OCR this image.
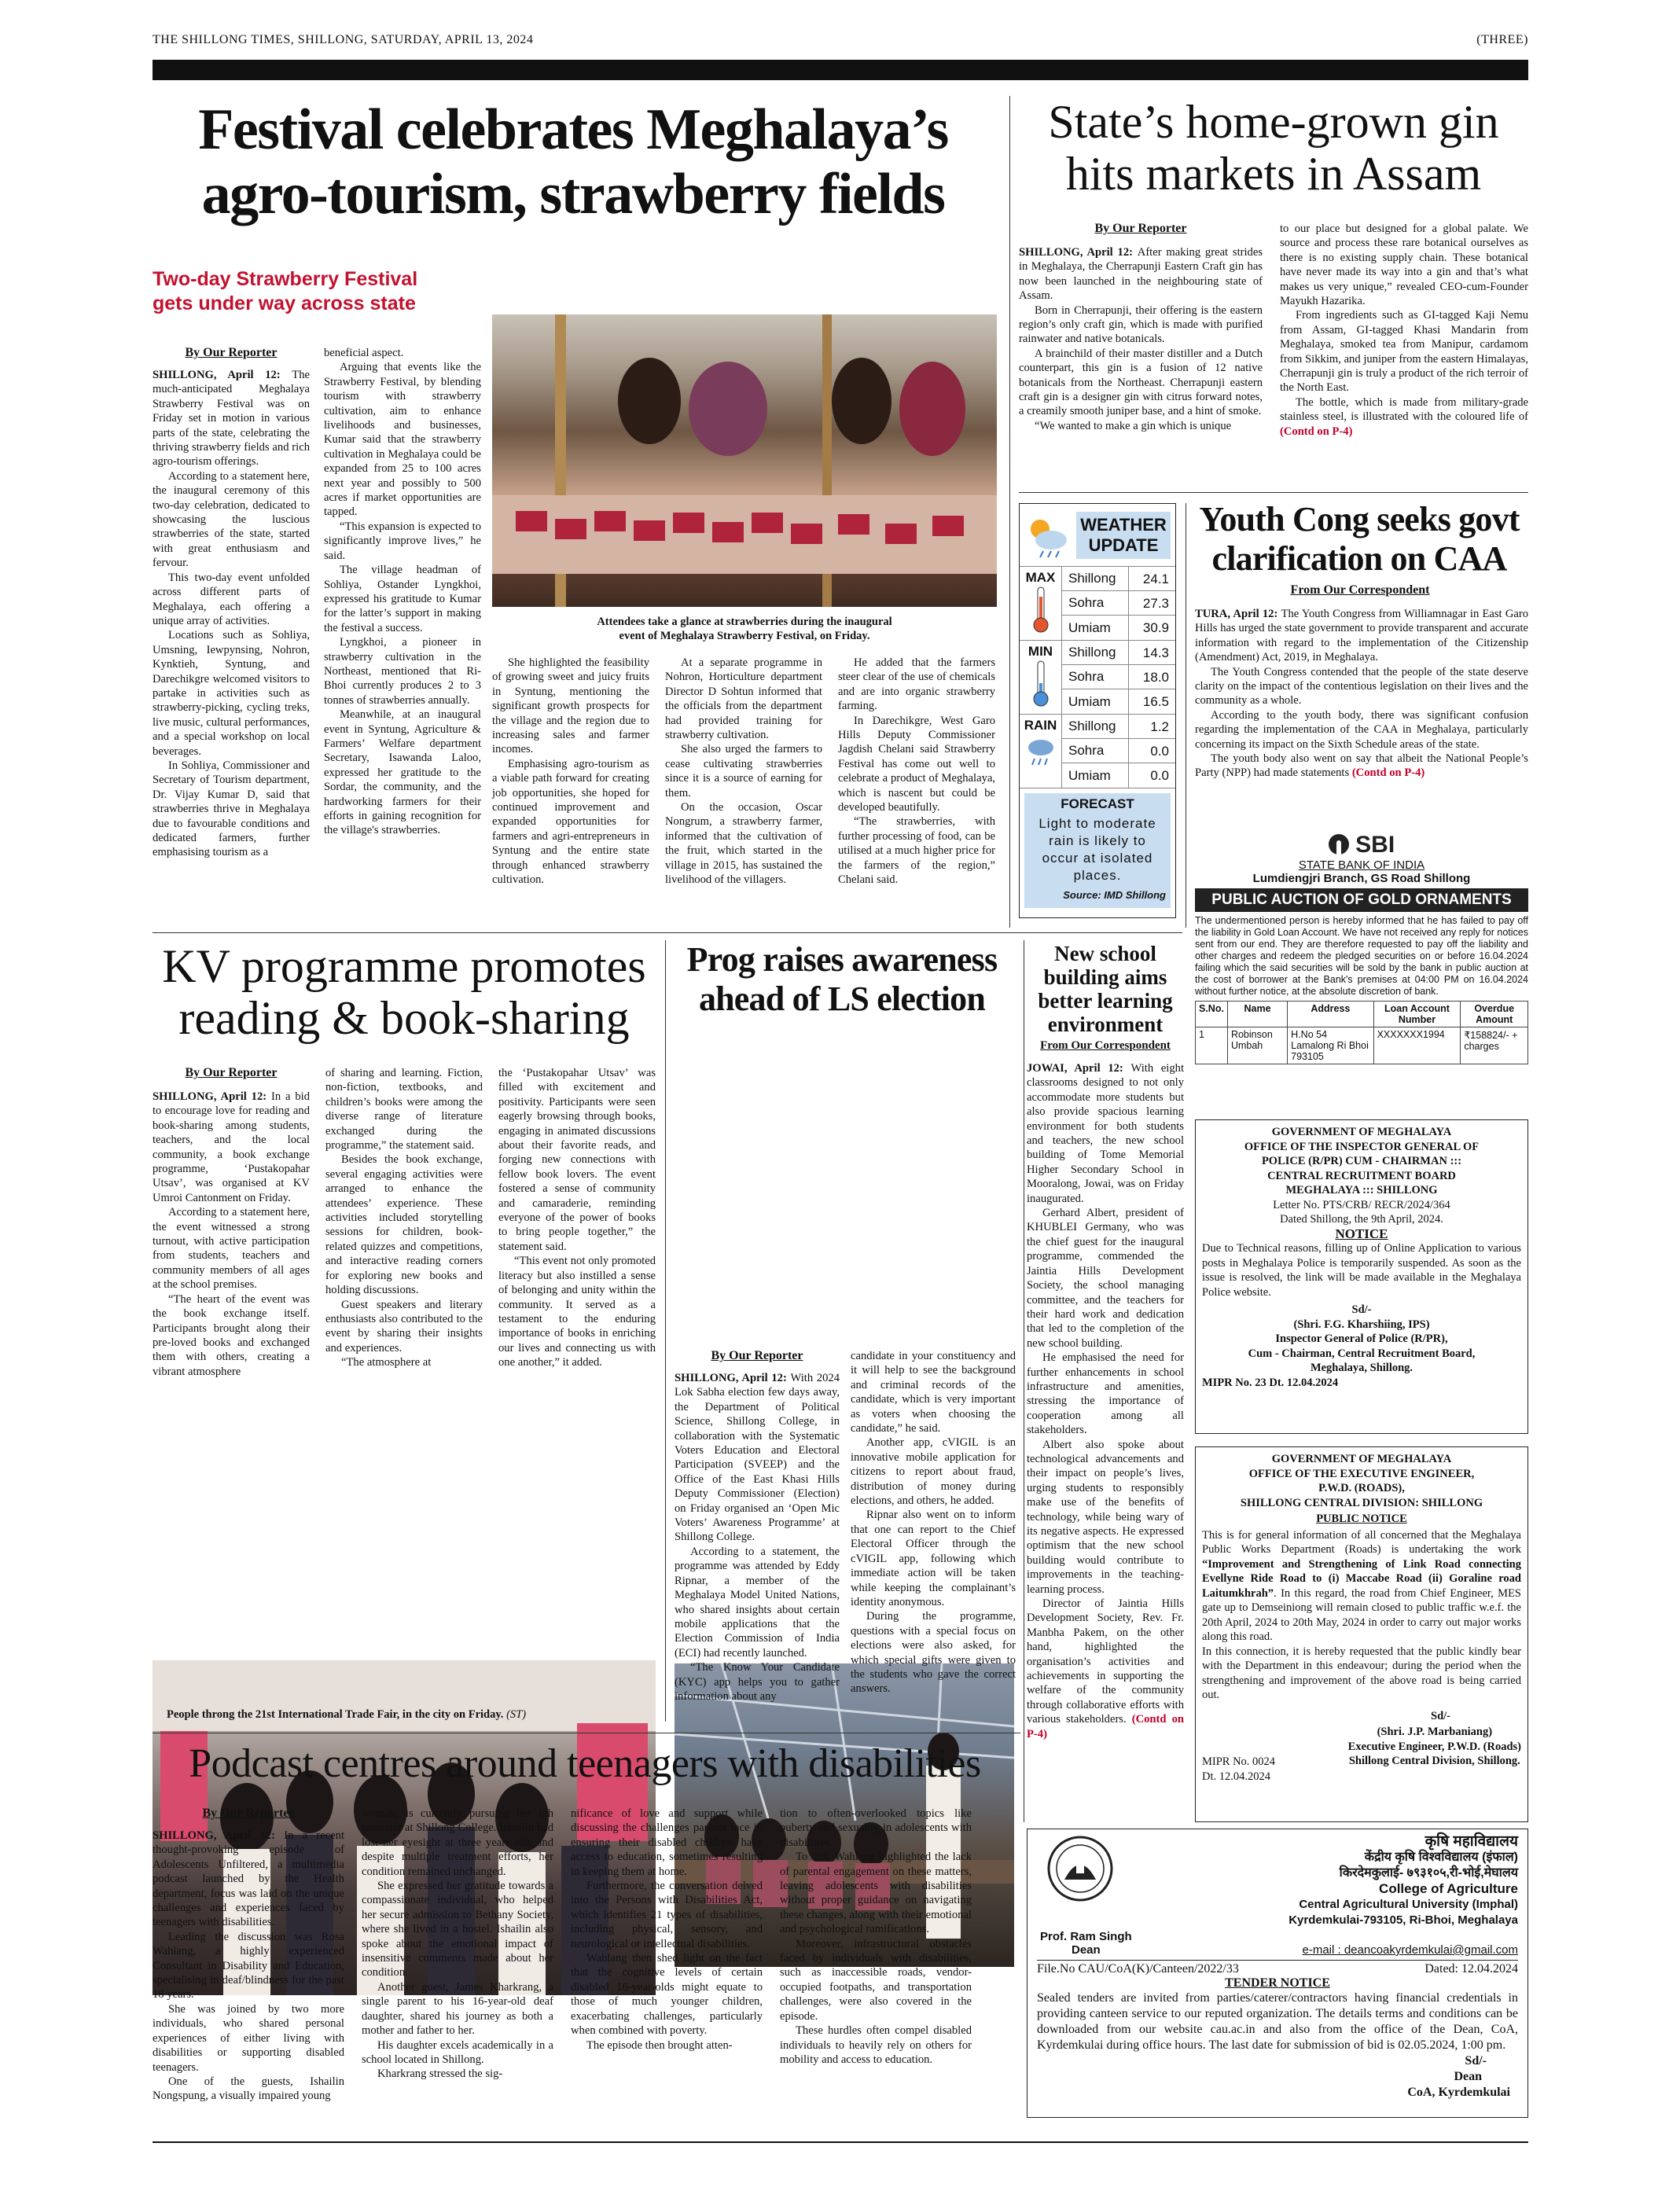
THE SHILLONG TIMES, SHILLONG, SATURDAY, APRIL 13, 2024	(THREE)
Festival celebrates Meghalaya’s
agro-tourism, strawberry fields
Two-day Strawberry Festival
gets under way across state
By Our Reporter

SHILLONG, April 12: The much-anticipated Meghalaya Strawberry Festival was on Friday set in motion in various parts of the state, celebrating the thriving strawberry fields and rich agro-tourism offerings.

According to a statement here, the inaugural ceremony of this two-day celebration, dedicated to showcasing the luscious strawberries of the state, started with great enthusiasm and fervour.

This two-day event unfolded across different parts of Meghalaya, each offering a unique array of activities.

Locations such as Sohliya, Umsning, Iewpynsing, Nohron, Kynktieh, Syntung, and Darechikgre welcomed visitors to partake in activities such as strawberry-picking, cycling treks, live music, cultural performances, and a special workshop on local beverages.

In Sohliya, Commissioner and Secretary of Tourism department, Dr. Vijay Kumar D, said that strawberries thrive in Meghalaya due to favourable conditions and dedicated farmers, further emphasising tourism as a

beneficial aspect.

Arguing that events like the Strawberry Festival, by blending tourism with strawberry cultivation, aim to enhance livelihoods and businesses, Kumar said that the strawberry cultivation in Meghalaya could be expanded from 25 to 100 acres next year and possibly to 500 acres if market opportunities are tapped.

“This expansion is expected to significantly improve lives,” he said.

The village headman of Sohliya, Ostander Lyngkhoi, expressed his gratitude to Kumar for the latter’s support in making the festival a success.

Lyngkhoi, a pioneer in strawberry cultivation in the Northeast, mentioned that Ri-Bhoi currently produces 2 to 3 tonnes of strawberries annually.

Meanwhile, at an inaugural event in Syntung, Agriculture & Farmers’ Welfare department Secretary, Isawanda Laloo, expressed her gratitude to the Sordar, the community, and the hardworking farmers for their efforts in gaining recognition for the village's strawberries.

Attendees take a glance at strawberries during the inaugural
event of Meghalaya Strawberry Festival, on Friday.

She highlighted the feasibility of growing sweet and juicy fruits in Syntung, mentioning the significant growth prospects for the village and the region due to increasing sales and farmer incomes.

Emphasising agro-tourism as a viable path forward for creating job opportunities, she hoped for continued improvement and expanded opportunities for farmers and agri-entrepreneurs in Syntung and the entire state through enhanced strawberry cultivation.

At a separate programme in Nohron, Horticulture department Director D Sohtun informed that the officials from the department had provided training for strawberry cultivation.

She also urged the farmers to cease cultivating strawberries since it is a source of earning for them.

On the occasion, Oscar Nongrum, a strawberry farmer, informed that the cultivation of the fruit, which started in the village in 2015, has sustained the livelihood of the villagers.

He added that the farmers steer clear of the use of chemicals and are into organic strawberry farming.

In Darechikgre, West Garo Hills Deputy Commissioner Jagdish Chelani said Strawberry Festival has come out well to celebrate a product of Meghalaya, which is nascent but could be developed beautifully.

“The strawberries, with further processing of food, can be utilised at a much higher price for the farmers of the region,” Chelani said.

State’s home-grown gin
hits markets in Assam
By Our Reporter

SHILLONG, April 12: After making great strides in Meghalaya, the Cherrapunji Eastern Craft gin has now been launched in the neighbouring state of Assam.

Born in Cherrapunji, their offering is the eastern region’s only craft gin, which is made with purified rainwater and native botanicals.

A brainchild of their master distiller and a Dutch counterpart, this gin is a fusion of 12 native botanicals from the Northeast. Cherrapunji eastern craft gin is a designer gin with citrus forward notes, a creamily smooth juniper base, and a hint of smoke.

“We wanted to make a gin which is unique

to our place but designed for a global palate. We source and process these rare botanical ourselves as there is no existing supply chain. These botanical have never made its way into a gin and that’s what makes us very unique,” revealed CEO-cum-Founder Mayukh Hazarika.

From ingredients such as GI-tagged Kaji Nemu from Assam, GI-tagged Khasi Mandarin from Meghalaya, smoked tea from Manipur, cardamom from Sikkim, and juniper from the eastern Himalayas, Cherrapunji gin is truly a product of the rich terroir of the North East.

The bottle, which is made from military-grade stainless steel, is illustrated with the coloured life of (Contd on P-4)

WEATHER
UPDATE
MAX Shillong	24.1
Sohra	27.3
Umiam	30.9
MIN	Shillong	14.3
Sohra	18.0
Umiam	16.5
RAIN Shillong	1.2
Sohra	0.0
Umiam	0.0
FORECAST
Light to moderate rain is likely to occur at isolated places.
Source: IMD Shillong
Youth Cong seeks govt
clarification on CAA
From Our Correspondent

TURA, April 12: The Youth Congress from Williamnagar in East Garo Hills has urged the state government to provide transparent and accurate information with regard to the implementation of the Citizenship (Amendment) Act, 2019, in Meghalaya.

The Youth Congress contended that the people of the state deserve clarity on the impact of the contentious legislation on their lives and the community as a whole.

According to the youth body, there was significant confusion regarding the implementation of the CAA in Meghalaya, particularly concerning its impact on the Sixth Schedule areas of the state.

The youth body also went on say that albeit the National People’s Party (NPP) had made statements (Contd on P-4)

SBI
STATE BANK OF INDIA
Lumdiengjri Branch, GS Road Shillong
PUBLIC AUCTION OF GOLD ORNAMENTS
The undermentioned person is hereby informed that he has failed to pay off the liability in Gold Loan Account. We have not received any reply for notices sent from our end. They are therefore requested to pay off the liability and other charges and redeem the pledged securities on or before 16.04.2024 failing which the said securities will be sold by the bank in public auction at the cost of borrower at the Bank's premises at 04:00 PM on 16.04.2024 without further notice, at the absolute discretion of bank.
S.No.	Name	Address	Loan Account Number	Overdue Amount
1	Robinson Umbah	H.No 54 Lamalong Ri Bhoi 793105	XXXXXXX1994	₹158824/- + charges
KV programme promotes
reading & book-sharing
By Our Reporter

SHILLONG, April 12: In a bid to encourage love for reading and book-sharing among students, teachers, and the local community, a book exchange programme, ‘Pustakopahar Utsav’, was organised at KV Umroi Cantonment on Friday.

According to a statement here, the event witnessed a strong turnout, with active participation from students, teachers and community members of all ages at the school premises.

“The heart of the event was the book exchange itself. Participants brought along their pre-loved books and exchanged them with others, creating a vibrant atmosphere

of sharing and learning. Fiction, non-fiction, textbooks, and children’s books were among the diverse range of literature exchanged during the programme,” the statement said.

Besides the book exchange, several engaging activities were arranged to enhance the attendees’ experience. These activities included storytelling sessions for children, book-related quizzes and competitions, and interactive reading corners for exploring new books and holding discussions.

Guest speakers and literary enthusiasts also contributed to the event by sharing their insights and experiences.

“The atmosphere at

the ‘Pustakopahar Utsav’ was filled with excitement and positivity. Participants were seen eagerly browsing through books, engaging in animated discussions about their favorite reads, and forging new connections with fellow book lovers. The event fostered a sense of community and camaraderie, reminding everyone of the power of books to bring people together,” the statement said.

“This event not only promoted literacy but also instilled a sense of belonging and unity within the community. It served as a testament to the enduring importance of books in enriching our lives and connecting us with one another,” it added.

People throng the 21st International Trade Fair, in the city on Friday. (ST)
Prog raises awareness
ahead of LS election
By Our Reporter

SHILLONG, April 12: With 2024 Lok Sabha election few days away, the Department of Political Science, Shillong College, in collaboration with the Systematic Voters Education and Electoral Participation (SVEEP) and the Office of the East Khasi Hills Deputy Commissioner (Election) on Friday organised an ‘Open Mic Voters’ Awareness Programme’ at Shillong College.

According to a statement, the programme was attended by Eddy Ripnar, a member of the Meghalaya Model United Nations, who shared insights about certain mobile applications that the Election Commission of India (ECI) had recently launched.

“The Know Your Candidate (KYC) app helps you to gather information about any

candidate in your constituency and it will help to see the background and criminal records of the candidate, which is very important as voters when choosing the candidate,” he said.

Another app, cVIGIL is an innovative mobile application for citizens to report about fraud, distribution of money during elections, and others, he added.

Ripnar also went on to inform that one can report to the Chief Electoral Officer through the cVIGIL app, following which immediate action will be taken while keeping the complainant’s identity anonymous.

During the programme, questions with a special focus on elections were also asked, for which special gifts were given to the students who gave the correct answers.

New school
building aims
better learning
environment
From Our Correspondent

JOWAI, April 12: With eight classrooms designed to not only accommodate more students but also provide spacious learning environment for both students and teachers, the new school building of Tome Memorial Higher Secondary School in Mooralong, Jowai, was on Friday inaugurated.

Gerhard Albert, president of KHUBLEI Germany, who was the chief guest for the inaugural programme, commended the Jaintia Hills Development Society, the school managing committee, and the teachers for their hard work and dedication that led to the completion of the new school building.

He emphasised the need for further enhancements in school infrastructure and amenities, stressing the importance of cooperation among all stakeholders.

Albert also spoke about technological advancements and their impact on people’s lives, urging students to responsibly make use of the benefits of technology, while being wary of its negative aspects. He expressed optimism that the new school building would contribute to improvements in the teaching-learning process.

Director of Jaintia Hills Development Society, Rev. Fr. Manbha Pakem, on the other hand, highlighted the organisation’s activities and achievements in supporting the welfare of the community through collaborative efforts with various stakeholders. (Contd on P-4)

GOVERNMENT OF MEGHALAYA
OFFICE OF THE INSPECTOR GENERAL OF
POLICE (R/PR) CUM - CHAIRMAN :::
CENTRAL RECRUITMENT BOARD
MEGHALAYA ::: SHILLONG
Letter No. PTS/CRB/ RECR/2024/364
Dated Shillong, the 9th April, 2024.
NOTICE
Due to Technical reasons, filling up of Online Application to various posts in Meghalaya Police is temporarily suspended. As soon as the issue is resolved, the link will be made available in the Meghalaya Police website.
Sd/-
(Shri. F.G. Kharshiing, IPS)
Inspector General of Police (R/PR),
Cum - Chairman, Central Recruitment Board,
Meghalaya, Shillong.
MIPR No. 23 Dt. 12.04.2024
GOVERNMENT OF MEGHALAYA
OFFICE OF THE EXECUTIVE ENGINEER,
P.W.D. (ROADS),
SHILLONG CENTRAL DIVISION: SHILLONG
PUBLIC NOTICE
This is for general information of all concerned that the Meghalaya Public Works Department (Roads) is undertaking the work “Improvement and Strengthening of Link Road connecting Evellyne Ride Road to (i) Maccabe Road (ii) Goraline road Laitumkhrah”. In this regard, the road from Chief Engineer, MES gate up to Demseiniong will remain closed to public traffic w.e.f. the 20th April, 2024 to 20th May, 2024 in order to carry out major works along this road.
In this connection, it is hereby requested that the public kindly bear with the Department in this endeavour; during the period when the strengthening and improvement of the above road is being carried out.
Sd/-
MIPR No. 0024
Dt. 12.04.2024
(Shri. J.P. Marbaniang)
Executive Engineer, P.W.D. (Roads)
Shillong Central Division, Shillong.
Podcast centres around teenagers with disabilities
By Our Reporter

SHILLONG, April 12: In a recent thought-provoking episode of Adolescents Unfiltered, a multimedia podcast launched by the Health department, focus was laid on the unique challenges and experiences faced by teenagers with disabilities.

Leading the discussion was Rosa Wahlang, a highly experienced Consultant in Disability and Education, specialising in deaf/blindness for the past 18 years.

She was joined by two more individuals, who shared personal experiences of either living with disabilities or supporting disabled teenagers.

One of the guests, Ishailin Nongspung, a visually impaired young

woman, is currently pursuing her 6th semester at Shillong College. Ishailin had lost her eyesight at three years old, and despite multiple treatment efforts, her condition remained unchanged.

She expressed her gratitude towards a compassionate individual, who helped her secure admission to Bethany Society, where she lived in a hostel. Ishailin also spoke about the emotional impact of insensitive comments made about her condition.

Another guest, James Kharkrang, a single parent to his 16-year-old deaf daughter, shared his journey as both a mother and father to her.

His daughter excels academically in a school located in Shillong.

Kharkrang stressed the sig-

nificance of love and support while discussing the challenges parents face in ensuring their disabled children have access to education, sometimes resulting in keeping them at home.

Furthermore, the conversation delved into the Persons with Disabilities Act, which identifies 21 types of disabilities, including physical, sensory, and neurological or intellectual disabilities.

Wahlang then shed light on the fact that the cognitive levels of certain disabled 16-year-olds might equate to those of much younger children, exacerbating challenges, particularly when combined with poverty.

The episode then brought atten-

tion to often-overlooked topics like puberty and sexuality in adolescents with disabilities.

To this, Wahlang highlighted the lack of parental engagement on these matters, leaving adolescents with disabilities without proper guidance on navigating these changes, along with their emotional and psychological ramifications.

Moreover, infrastructural obstacles faced by individuals with disabilities, such as inaccessible roads, vendor-occupied footpaths, and transportation challenges, were also covered in the episode.

These hurdles often compel disabled individuals to heavily rely on others for mobility and access to education.

कृषि महाविद्यालय
केंद्रीय कृषि विश्वविद्यालय (इंफाल)
किरदेमकुलाई- ७९३१०५,री-भोई,मेघालय
College of Agriculture
Central Agricultural University (Imphal)
Kyrdemkulai-793105, Ri-Bhoi, Meghalaya
Prof. Ram Singh
Dean	e-mail : deancoakyrdemkulai@gmail.com
File.No CAU/CoA(K)/Canteen/2022/33	Dated: 12.04.2024
TENDER NOTICE
Sealed tenders are invited from parties/caterer/contractors having financial credentials in providing canteen service to our reputed organization. The details terms and conditions can be downloaded from our website cau.ac.in and also from the office of the Dean, CoA, Kyrdemkulai during office hours. The last date for submission of bid is 02.05.2024, 1:00 pm.
Sd/-
Dean
CoA, Kyrdemkulai
